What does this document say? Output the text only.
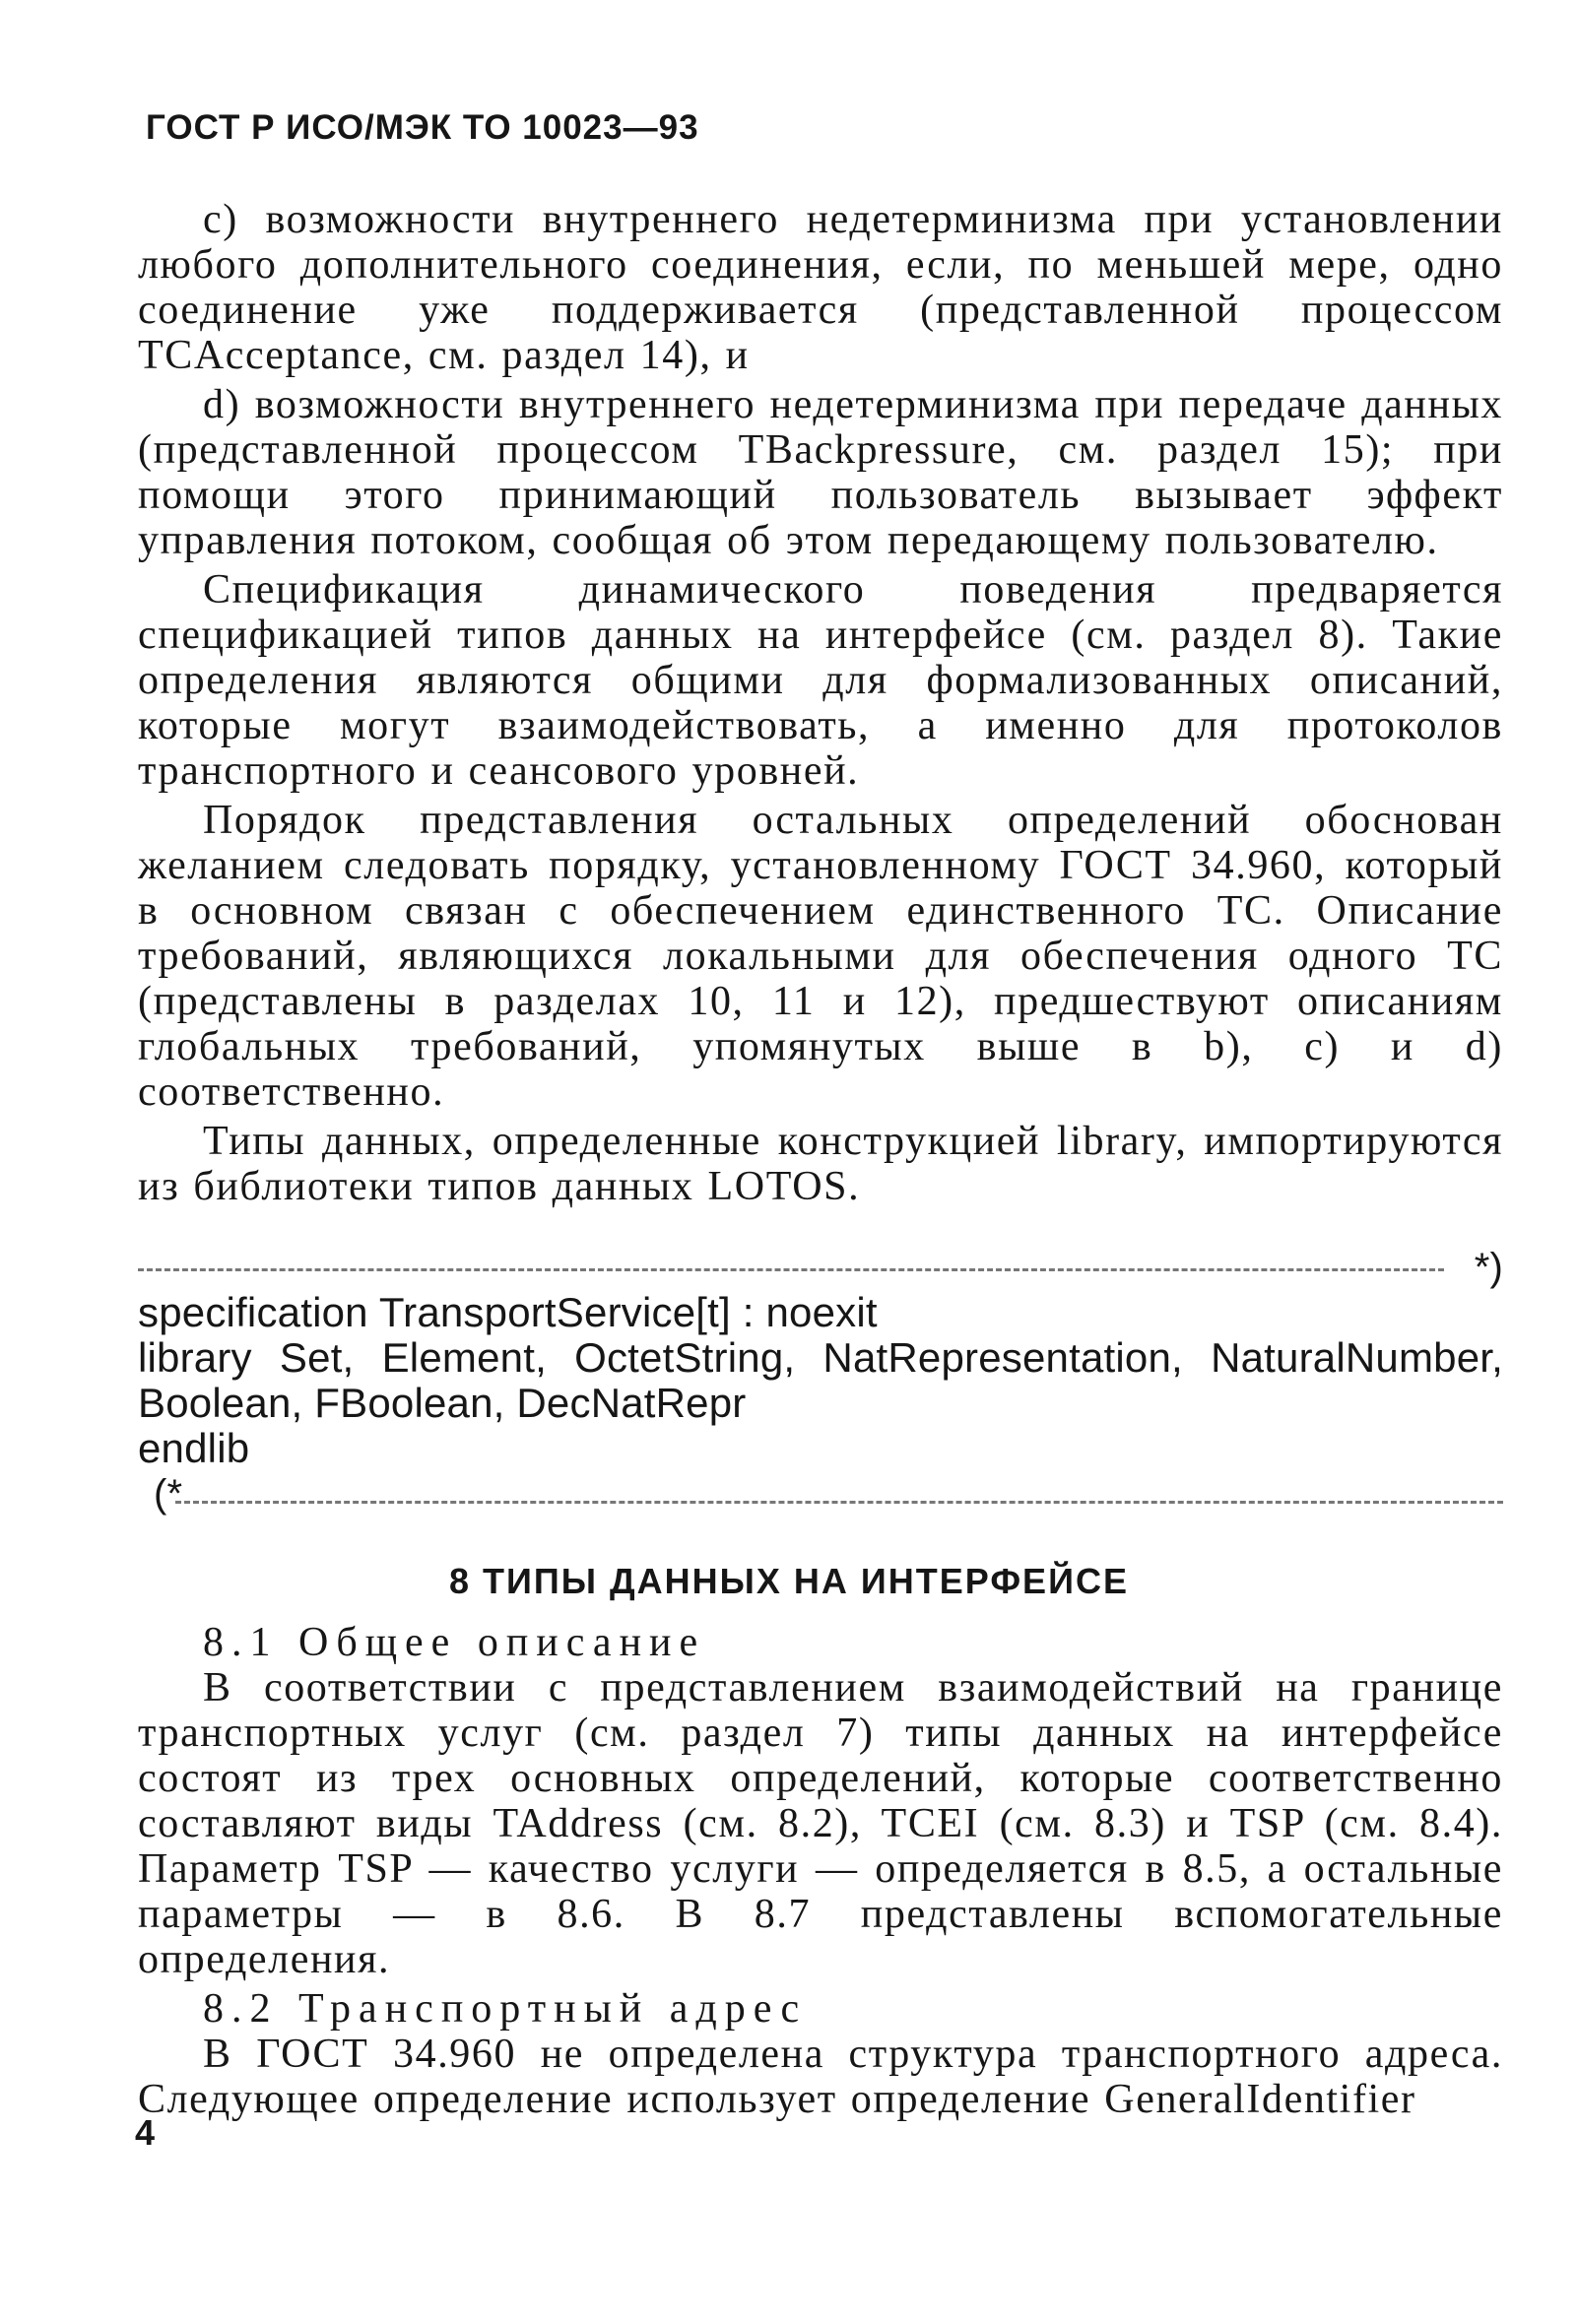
ГОСТ Р ИСО/МЭК ТО 10023—93

c) возможности внутреннего недетерминизма при установлении любого дополнительного соединения, если, по меньшей мере, одно соединение уже поддерживается (представленной процессом TCAcceptance, см. раздел 14), и

d) возможности внутреннего недетерминизма при передаче данных (представленной процессом TBackpressure, см. раздел 15); при помощи этого принимающий пользователь вызывает эффект управления потоком, сообщая об этом передающему пользователю.

Спецификация динамического поведения предваряется спецификацией типов данных на интерфейсе (см. раздел 8). Такие определения являются общими для формализованных описаний, которые могут взаимодействовать, а именно для протоколов транспортного и сеансового уровней.

Порядок представления остальных определений обоснован желанием следовать порядку, установленному ГОСТ 34.960, который в основном связан с обеспечением единственного ТС. Описание требований, являющихся локальными для обеспечения одного ТС (представлены в разделах 10, 11 и 12), предшествуют описаниям глобальных требований, упомянутых выше в b), c) и d) соответственно.

Типы данных, определенные конструкцией library, импортируются из библиотеки типов данных LOTOS.

*)

specification TransportService[t] : noexit

library Set, Element, OctetString, NatRepresentation, NaturalNumber, Boolean, FBoolean, DecNatRepr

endlib

(*
8 ТИПЫ ДАННЫХ НА ИНТЕРФЕЙСЕ

8.1 Общее описание

В соответствии с представлением взаимодействий на границе транспортных услуг (см. раздел 7) типы данных на интерфейсе состоят из трех основных определений, которые соответственно составляют виды TAddress (см. 8.2), TCEI (см. 8.3) и TSP (см. 8.4). Параметр TSP — качество услуги — определяется в 8.5, а остальные параметры — в 8.6. В 8.7 представлены вспомогательные определения.

8.2 Транспортный адрес

В ГОСТ 34.960 не определена структура транспортного адреса. Следующее определение использует определение GeneralIdentifier

4
